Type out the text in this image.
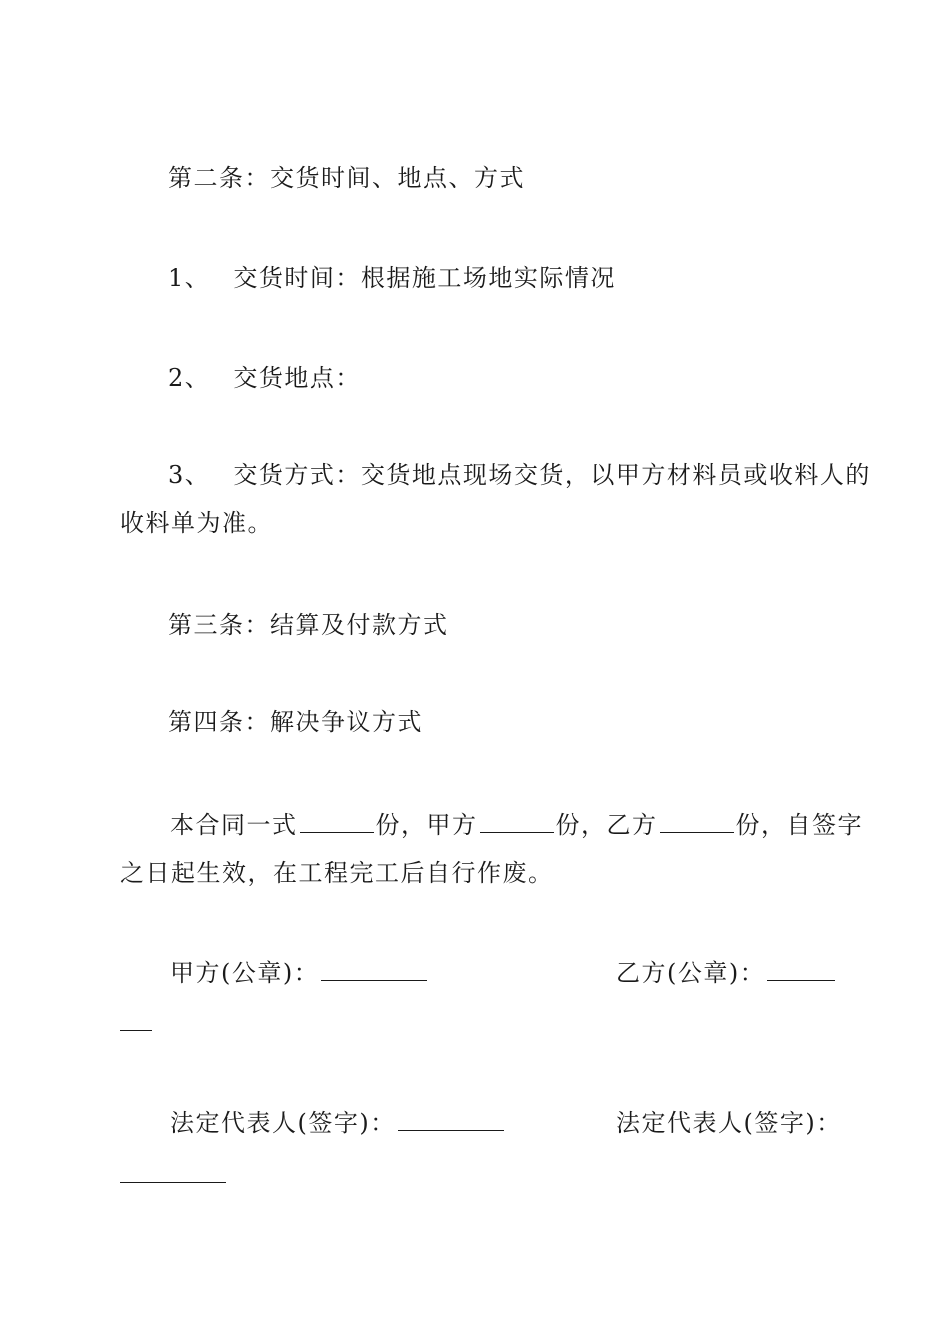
第二条：交货时间、地点、方式
1、 交货时间：根据施工场地实际情况
2、 交货地点：
3、 交货方式：交货地点现场交货，以甲方材料员或收料人的
收料单为准。
第三条：结算及付款方式
第四条：解决争议方式
本合同一式	份，甲方	份，乙方	份，自签字
之日起生效，在工程完工后自行作废。
甲方(公章)：	乙方(公章)：
法定代表人(签字)：	法定代表人(签字)：
